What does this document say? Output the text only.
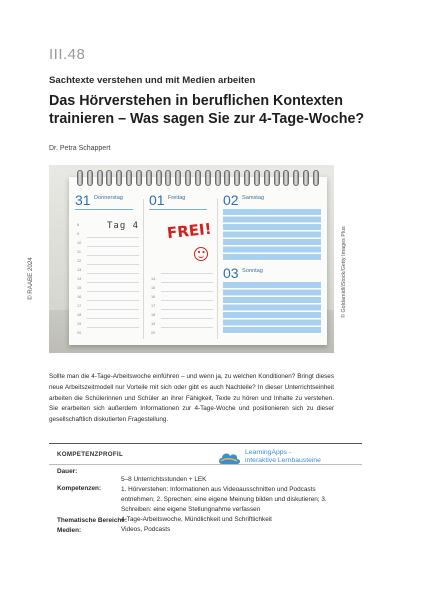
III.48
Sachtexte verstehen und mit Medien arbeiten
Das Hörverstehen in beruflichen Kontexten trainieren – Was sagen Sie zur 4-Tage-Woche?
Dr. Petra Schappert
© RAABE 2024	© Goldarnidl/iStock/Getty Images Plus
31 Donnerstag 01 Freitag	02 Samstag
03 Sonntag
8
9
10
11
12
13
14
15
16
17
18
19
20
14
15
16
17
18
19
20
Tag 4 FREI!

Sollte man die 4-Tage-Arbeitswoche einführen – und wenn ja, zu welchen Konditionen? Bringt dieses neue Arbeitszeitmodell nur Vorteile mit sich oder gibt es auch Nachteile? In dieser Unterrichtseinheit arbeiten die Schülerinnen und Schüler an ihrer Fähigkeit, Texte zu hören und Inhalte zu verstehen. Sie erarbeiten sich außerdem Informationen zur 4-Tage-Woche und positionieren sich zu dieser gesellschaftlich diskutierten Fragestellung.

KOMPETENZPROFIL
Dauer:
5–8 Unterrichtsstunden + LEK
Kompetenzen:	1. Hörverstehen: Informationen aus Videoausschnitten und Podcasts entnehmen; 2. Sprechen: eine eigene Meinung bilden und diskutieren; 3. Schreiben: eine eigene Stellungnahme verfassen
Thematische Bereiche:
4-Tage-Arbeitswoche, Mündlichkeit und Schriftlichkeit
Medien:	Videos, Podcasts
LearningApps -
interaktive Lernbausteine
